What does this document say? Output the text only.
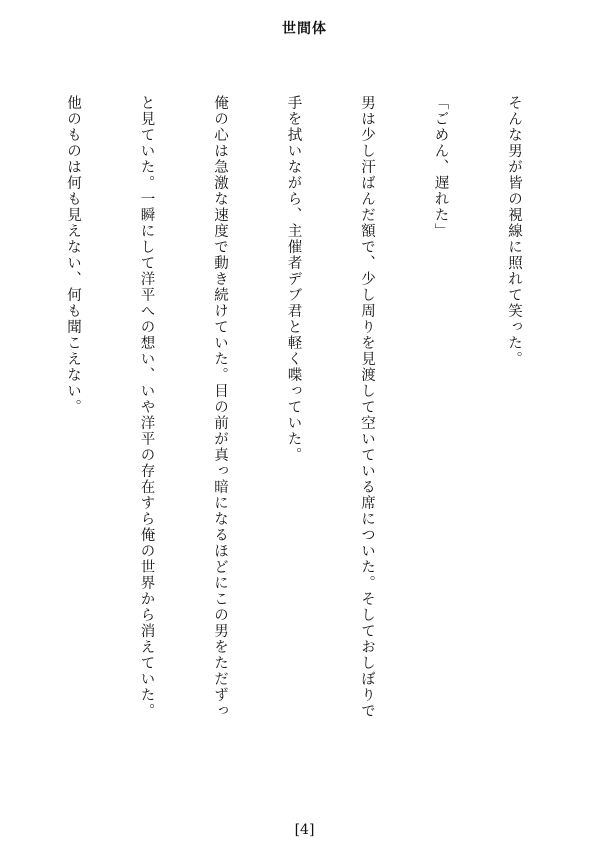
世間体

そんな男が皆の視線に照れて笑った。

「ごめん、遅れた」

男は少し汗ばんだ額で、少し周りを見渡して空いている席についた。そしておしぼりで

手を拭いながら、主催者デブ君と軽く喋っていた。

俺の心は急激な速度で動き続けていた。目の前が真っ暗になるほどにこの男をただずっ

と見ていた。一瞬にして洋平への想い、いや洋平の存在すら俺の世界から消えていた。

他のものは何も見えない、何も聞こえない。

[4]
